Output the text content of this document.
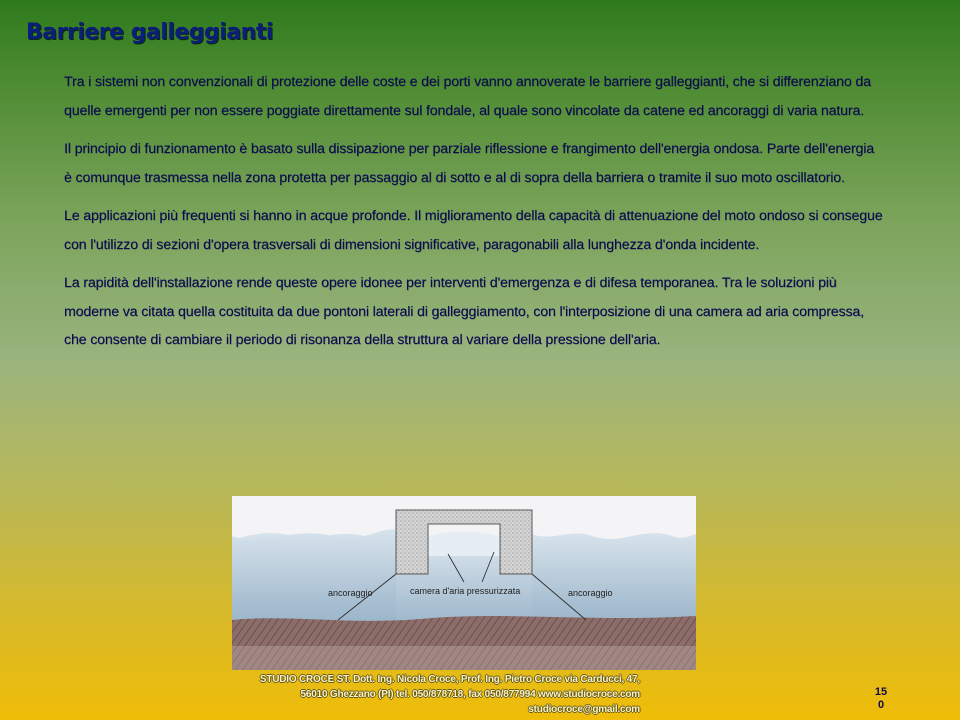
Barriere galleggianti

Tra i sistemi non convenzionali di protezione delle coste e dei porti vanno annoverate le barriere galleggianti, che si differenziano da quelle emergenti per non essere poggiate direttamente sul fondale, al quale sono vincolate da catene ed ancoraggi di varia natura.

Il principio di funzionamento è basato sulla dissipazione per parziale riflessione e frangimento dell'energia ondosa. Parte dell'energia è comunque trasmessa nella zona protetta per passaggio al di sotto e al di sopra della barriera o tramite il suo moto oscillatorio.

Le applicazioni più frequenti si hanno in acque profonde. Il miglioramento della capacità di attenuazione del moto ondoso si consegue con l'utilizzo di sezioni d'opera trasversali di dimensioni significative, paragonabili alla lunghezza d'onda incidente.

La rapidità dell'installazione rende queste opere idonee per interventi d'emergenza e di difesa temporanea. Tra le soluzioni più moderne va citata quella costituita da due pontoni laterali di galleggiamento, con l'interposizione di una camera ad aria compressa, che consente di cambiare il periodo di risonanza della struttura al variare della pressione dell'aria.

ancoraggio	camera d'aria pressurizzata	ancoraggio
STUDIO CROCE ST. Dott. Ing. Nicola Croce, Prof. Ing. Pietro Croce via Carducci, 47,
56010 Ghezzano (PI) tel. 050/878718, fax 050/877994 www.studiocroce.com
studiocroce@gmail.com
15
0
